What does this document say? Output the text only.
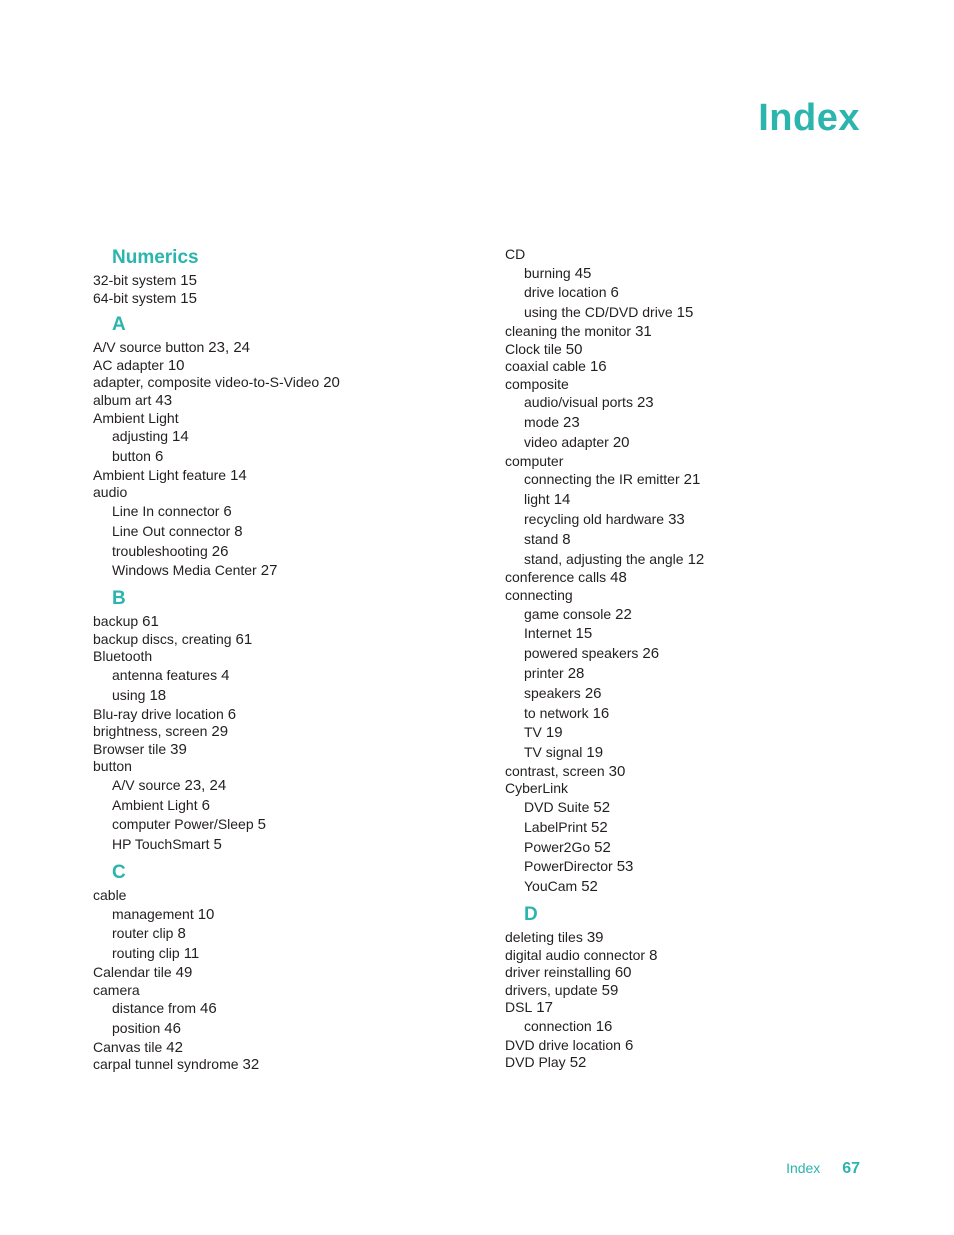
Index
Numerics
32-bit system 15
64-bit system 15
A
A/V source button 23, 24
AC adapter 10
adapter, composite video-to-S-Video 20
album art 43
Ambient Light
adjusting 14
button 6
Ambient Light feature 14
audio
Line In connector 6
Line Out connector 8
troubleshooting 26
Windows Media Center 27
B
backup 61
backup discs, creating 61
Bluetooth
antenna features 4
using 18
Blu-ray drive location 6
brightness, screen 29
Browser tile 39
button
A/V source 23, 24
Ambient Light 6
computer Power/Sleep 5
HP TouchSmart 5
C
cable
management 10
router clip 8
routing clip 11
Calendar tile 49
camera
distance from 46
position 46
Canvas tile 42
carpal tunnel syndrome 32
CD
burning 45
drive location 6
using the CD/DVD drive 15
cleaning the monitor 31
Clock tile 50
coaxial cable 16
composite
audio/visual ports 23
mode 23
video adapter 20
computer
connecting the IR emitter 21
light 14
recycling old hardware 33
stand 8
stand, adjusting the angle 12
conference calls 48
connecting
game console 22
Internet 15
powered speakers 26
printer 28
speakers 26
to network 16
TV 19
TV signal 19
contrast, screen 30
CyberLink
DVD Suite 52
LabelPrint 52
Power2Go 52
PowerDirector 53
YouCam 52
D
deleting tiles 39
digital audio connector 8
driver reinstalling 60
drivers, update 59
DSL 17
connection 16
DVD drive location 6
DVD Play 52
Index 67
